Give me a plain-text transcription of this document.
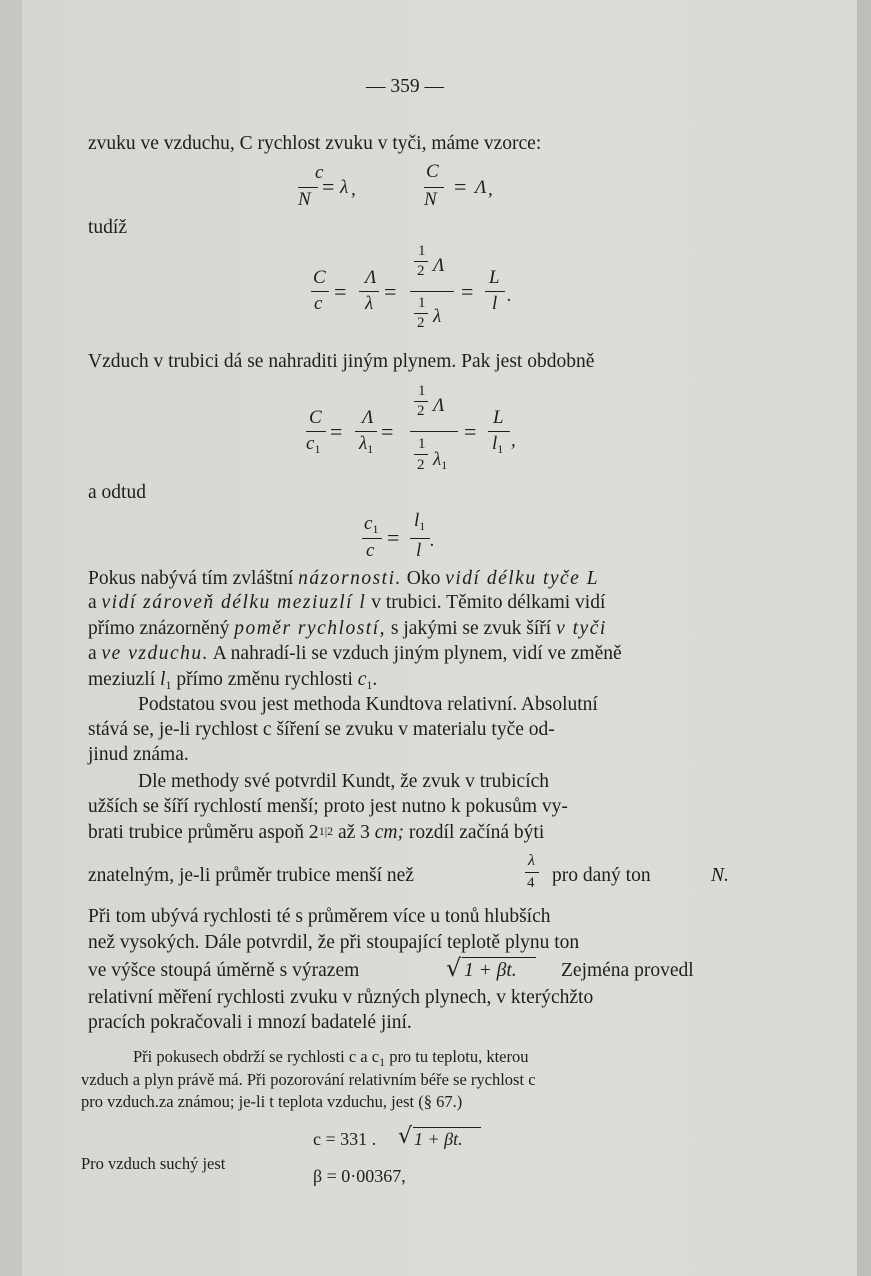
— 359 —
zvuku ve vzduchu, C rychlost zvuku v tyči, máme vzorce:
c
N
= λ ,
C
N
= Λ ,
tudíž
C
c =
Λ
λ =
1
2 Λ
1
2 λ
=
L
l .
Vzduch v trubici dá se nahraditi jiným plynem. Pak jest obdobně
C
$c_1$
=
Λ
$\lambda_1$
=
1
2 Λ
1
2 $\lambda_1$
=
L
$l_1$ ,
a odtud
$c_1$
c
=
$l_1$
l .
Pokus nabývá tím zvláštní názornosti. Oko vidí délku tyče L
a vidí zároveň délku meziuzlí l v trubici. Těmito délkami vidí
přímo znázorněný poměr rychlostí, s jakými se zvuk šíří v tyči
a ve vzduchu. A nahradí-li se vzduch jiným plynem, vidí ve změně
meziuzlí $l_1$ přímo změnu rychlosti $c_1$.
Podstatou svou jest methoda Kundtova relativní. Absolutní
stává se, je-li rychlost c šíření se zvuku v materialu tyče od-
jinud známa.
Dle methody své potvrdil Kundt, že zvuk v trubicích
užších se šíří rychlostí menší; proto jest nutno k pokusům vy-
brati trubice průměru aspoň 21|2 až 3 cm; rozdíl začíná býti
znatelným, je-li průměr trubice menší než
λ
4 pro daný ton	N.
Při tom ubývá rychlosti té s průměrem více u tonů hlubších
než vysokých. Dále potvrdil, že při stoupající teplotě plynu ton
ve výšce stoupá úměrně s výrazem	√ 1 + βt. Zejména provedl
relativní měření rychlosti zvuku v různých plynech, v kterýchžto
pracích pokračovali i mnozí badatelé jiní.
Při pokusech obdrží se rychlosti c a $c_1$ pro tu teplotu, kterou
vzduch a plyn právě má. Při pozorování relativním béře se rychlost c
pro vzduch.za známou; je-li t teplota vzduchu, jest (§ 67.)
c = 331 . √ 1 + βt.
Pro vzduch suchý jest
β = 0·00367,
